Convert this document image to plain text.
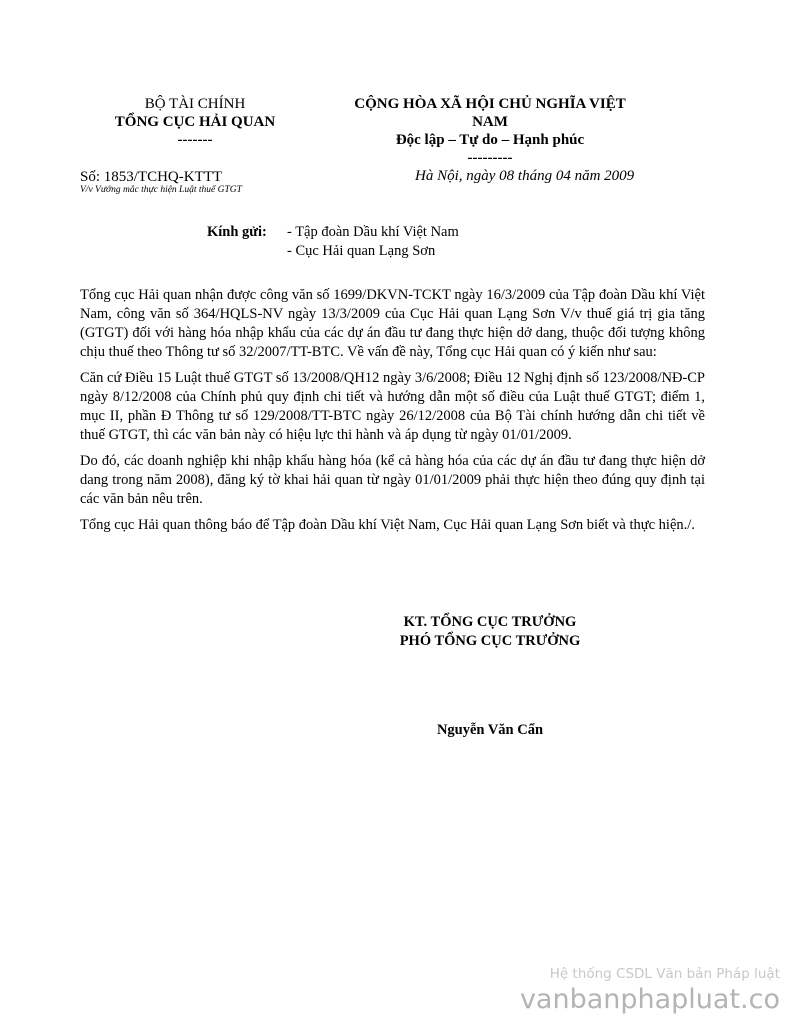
BỘ TÀI CHÍNH
TỔNG CỤC HẢI QUAN
-------
CỘNG HÒA XÃ HỘI CHỦ NGHĨA VIỆT
NAM
Độc lập – Tự do – Hạnh phúc
---------
Số: 1853/TCHQ-KTTT
V/v Vướng mắc thực hiện Luật thuế GTGT
Hà Nội, ngày 08 tháng 04 năm 2009
Kính gửi: - Tập đoàn Dầu khí Việt Nam
- Cục Hải quan Lạng Sơn

Tổng cục Hải quan nhận được công văn số 1699/DKVN-TCKT ngày 16/3/2009 của Tập đoàn Dầu khí Việt Nam, công văn số 364/HQLS-NV ngày 13/3/2009 của Cục Hải quan Lạng Sơn V/v thuế giá trị gia tăng (GTGT) đối với hàng hóa nhập khẩu của các dự án đầu tư đang thực hiện dở dang, thuộc đối tượng không chịu thuế theo Thông tư số 32/2007/TT-BTC. Về vấn đề này, Tổng cục Hải quan có ý kiến như sau:

Căn cứ Điều 15 Luật thuế GTGT số 13/2008/QH12 ngày 3/6/2008; Điều 12 Nghị định số 123/2008/NĐ-CP ngày 8/12/2008 của Chính phủ quy định chi tiết và hướng dẫn một số điều của Luật thuế GTGT; điểm 1, mục II, phần Đ Thông tư số 129/2008/TT-BTC ngày 26/12/2008 của Bộ Tài chính hướng dẫn chi tiết về thuế GTGT, thì các văn bản này có hiệu lực thi hành và áp dụng từ ngày 01/01/2009.

Do đó, các doanh nghiệp khi nhập khẩu hàng hóa (kể cả hàng hóa của các dự án đầu tư đang thực hiện dở dang trong năm 2008), đăng ký tờ khai hải quan từ ngày 01/01/2009 phải thực hiện theo đúng quy định tại các văn bản nêu trên.

Tổng cục Hải quan thông báo để Tập đoàn Dầu khí Việt Nam, Cục Hải quan Lạng Sơn biết và thực hiện./.

KT. TỔNG CỤC TRƯỞNG
PHÓ TỔNG CỤC TRƯỞNG
Nguyễn Văn Cẩn
Hệ thống CSDL Văn bản Pháp luật
vanbanphapluat.co
